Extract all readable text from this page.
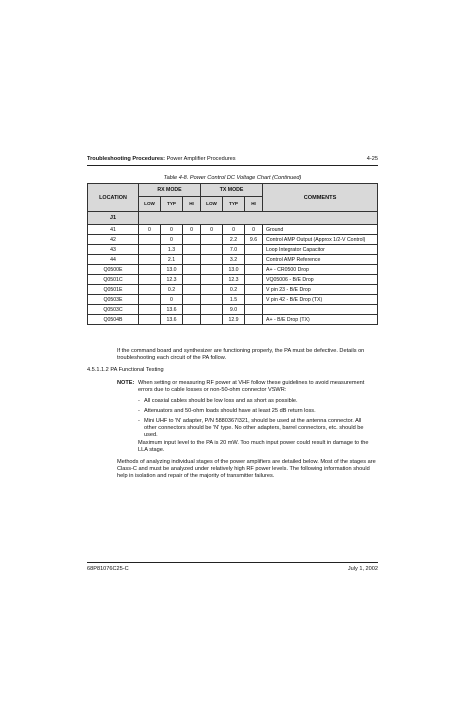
Troubleshooting Procedures: Power Amplifier Procedures	4-25
Table 4-8. Power Control DC Voltage Chart (Continued)
LOCATION	RX MODE			TX MODE			COMMENTS
	LOW	TYP	HI	LOW	TYP	HI	
J1							
41	0	0	0	0	0	0	Ground
42		0			2.2	9.6	Control AMP Output (Approx 1/2-V Control)
43		1.3			7.0		Loop Integrator Capacitor
44		2.1			3.2		Control AMP Reference
Q0500E		13.0			13.0		A+ - CR0500 Drop
Q0501C		12.3			12.3		VQ05006 - B/E Drop
Q0501E		0.2			0.2		V pin 23 - B/E Drop
Q0503E		0			1.5		V pin 42 - B/E Drop (TX)
Q0503C		13.6			9.0		
Q0504B		13.6			12.9		A+ - B/E Drop (TX)
If the command board and synthesizer are functioning properly, the PA must be defective. Details on troubleshooting each circuit of the PA follow.
4.5.1.1.2 PA Functional Testing
NOTE: When setting or measuring RF power at VHF follow these guidelines to avoid measurement errors due to cable losses or non-50-ohm connector VSWR:
- All coaxial cables should be low loss and as short as possible.
- Attenuators and 50-ohm loads should have at least 25 dB return loss.
- Mini UHF to 'N' adapter, P/N 5880367I321, should be used at the antenna connector. All other connectors should be 'N' type. No other adapters, barrel connectors, etc. should be used.
Maximum input level to the PA is 20 mW. Too much input power could result in damage to the LLA stage.
Methods of analyzing individual stages of the power amplifiers are detailed below. Most of the stages are Class-C and must be analyzed under relatively high RF power levels. The following information should help in isolation and repair of the majority of transmitter failures.
68P81076C25-C	July 1, 2002
